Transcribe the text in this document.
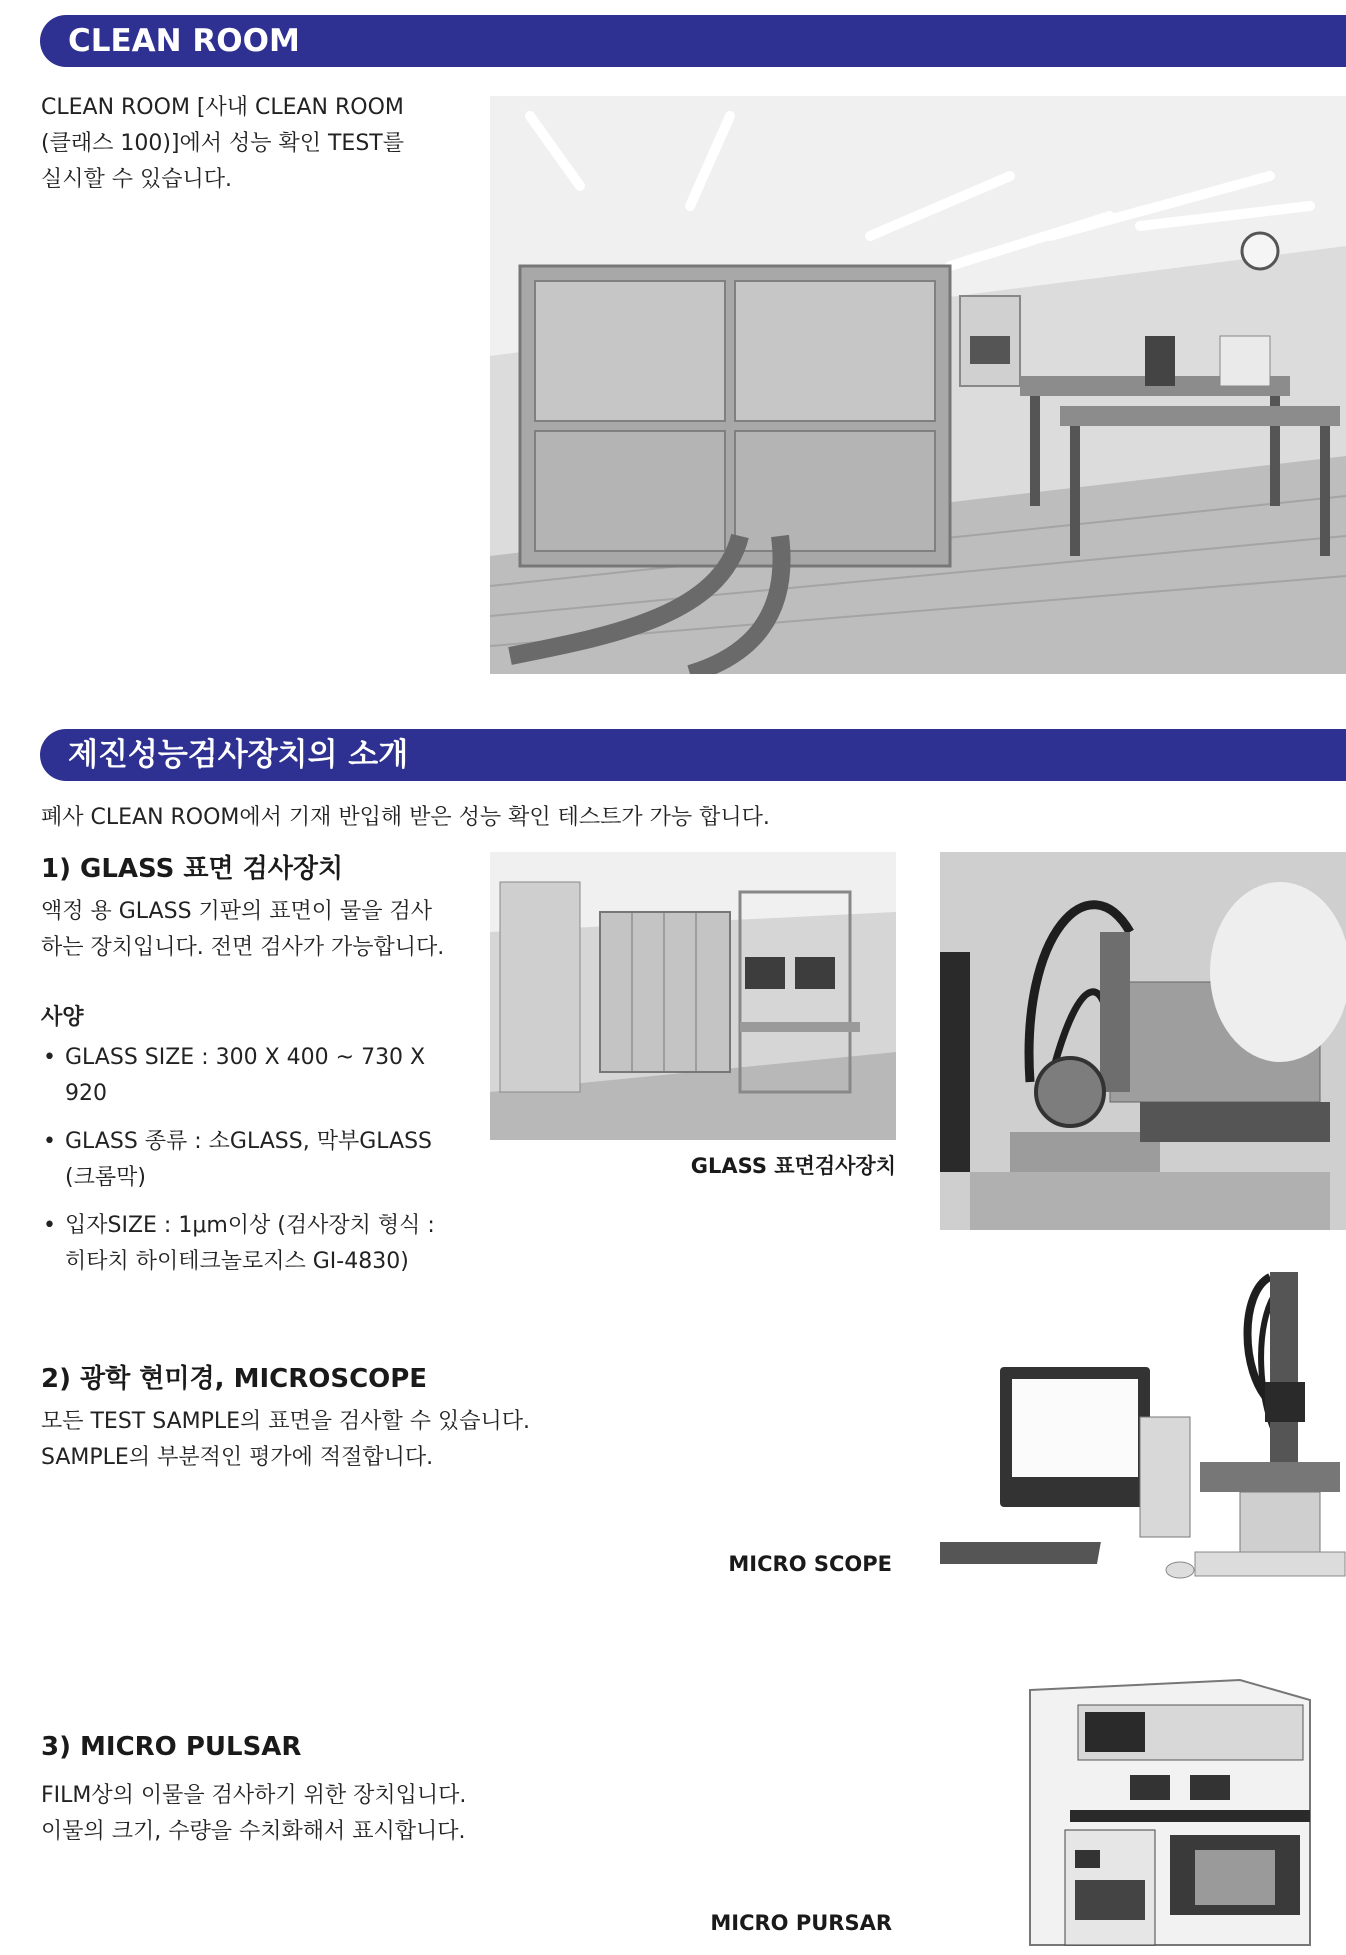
CLEAN ROOM

CLEAN ROOM [사내 CLEAN ROOM
(클래스 100)]에서 성능 확인 TEST를
실시할 수 있습니다.

제진성능검사장치의 소개

폐사 CLEAN ROOM에서 기재 반입해 받은 성능 확인 테스트가 가능 합니다.

1) GLASS 표면 검사장치

액정 용 GLASS 기판의 표면이 물을 검사
하는 장치입니다. 전면 검사가 가능합니다.

사양

• GLASS SIZE : 300 X 400 ~ 730 X 920
• GLASS 종류 : 소GLASS, 막부GLASS
(크롬막)
• 입자SIZE : 1μm이상 (검사장치 형식 :
히타치 하이테크놀로지스 GI-4830)
GLASS 표면검사장치
2) 광학 현미경, MICROSCOPE

모든 TEST SAMPLE의 표면을 검사할 수 있습니다.
SAMPLE의 부분적인 평가에 적절합니다.

MICRO SCOPE
3) MICRO PULSAR

FILM상의 이물을 검사하기 위한 장치입니다.
이물의 크기, 수량을 수치화해서 표시합니다.

MICRO PURSAR
